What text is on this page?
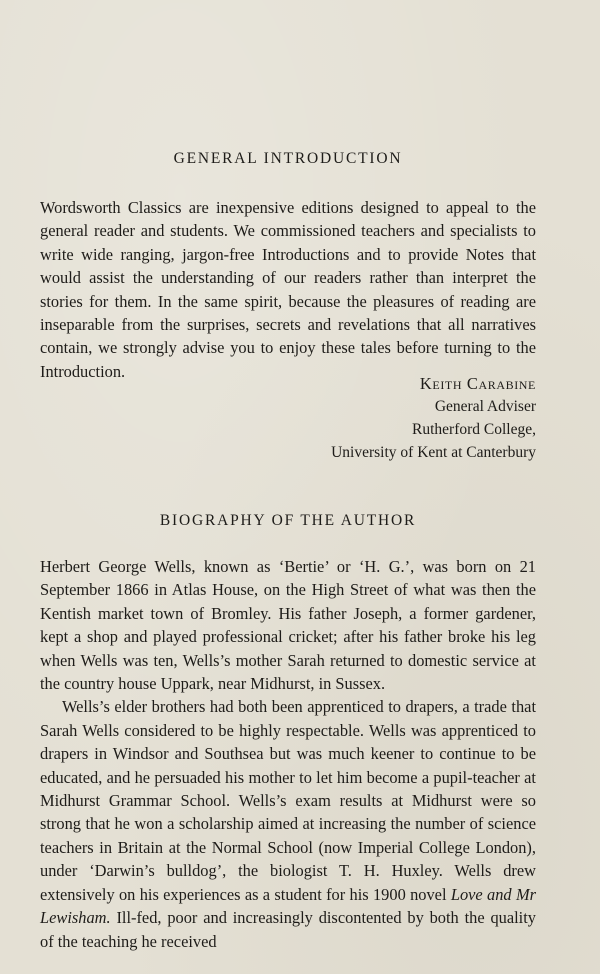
GENERAL INTRODUCTION
Wordsworth Classics are inexpensive editions designed to appeal to the general reader and students. We commissioned teachers and specialists to write wide ranging, jargon-free Introductions and to provide Notes that would assist the understanding of our readers rather than interpret the stories for them. In the same spirit, because the pleasures of reading are inseparable from the surprises, secrets and revelations that all narratives contain, we strongly advise you to enjoy these tales before turning to the Introduction.
Keith Carabine
General Adviser
Rutherford College,
University of Kent at Canterbury
BIOGRAPHY OF THE AUTHOR

Herbert George Wells, known as ‘Bertie’ or ‘H. G.’, was born on 21 September 1866 in Atlas House, on the High Street of what was then the Kentish market town of Bromley. His father Joseph, a former gardener, kept a shop and played professional cricket; after his father broke his leg when Wells was ten, Wells’s mother Sarah returned to domestic service at the country house Uppark, near Midhurst, in Sussex.

Wells’s elder brothers had both been apprenticed to drapers, a trade that Sarah Wells considered to be highly respectable. Wells was apprenticed to drapers in Windsor and Southsea but was much keener to continue to be educated, and he persuaded his mother to let him become a pupil-teacher at Midhurst Grammar School. Wells’s exam results at Midhurst were so strong that he won a scholarship aimed at increasing the number of science teachers in Britain at the Normal School (now Imperial College London), under ‘Darwin’s bulldog’, the biologist T. H. Huxley. Wells drew extensively on his experiences as a student for his 1900 novel Love and Mr Lewisham. Ill-fed, poor and increasingly discontented by both the quality of the teaching he received
